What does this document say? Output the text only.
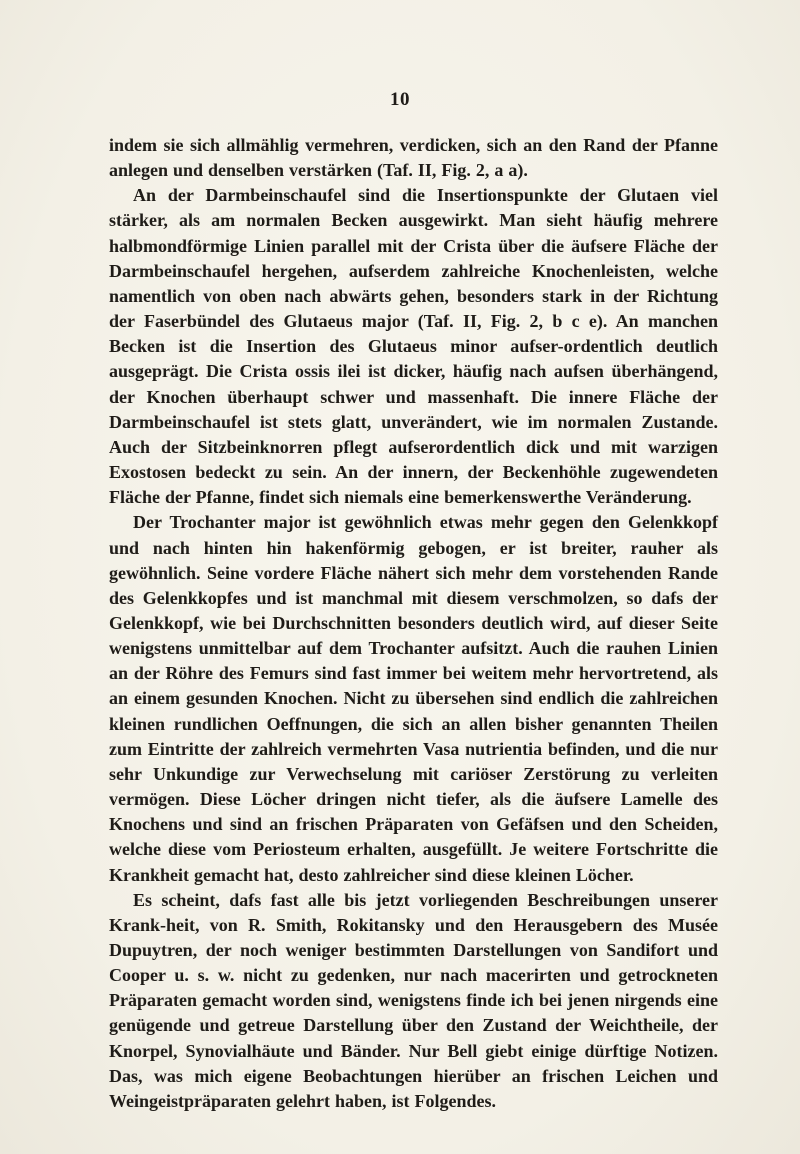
10

indem sie sich allmählig vermehren, verdicken, sich an den Rand der Pfanne anlegen und denselben verstärken (Taf. II, Fig. 2, a a).

An der Darmbeinschaufel sind die Insertionspunkte der Glutaen viel stärker, als am normalen Becken ausgewirkt. Man sieht häufig mehrere halbmondförmige Linien parallel mit der Crista über die äufsere Fläche der Darmbeinschaufel hergehen, aufserdem zahlreiche Knochenleisten, welche namentlich von oben nach abwärts gehen, besonders stark in der Richtung der Faserbündel des Glutaeus major (Taf. II, Fig. 2, b c e). An manchen Becken ist die Insertion des Glutaeus minor aufser-ordentlich deutlich ausgeprägt. Die Crista ossis ilei ist dicker, häufig nach aufsen überhängend, der Knochen überhaupt schwer und massenhaft. Die innere Fläche der Darmbeinschaufel ist stets glatt, unverändert, wie im normalen Zustande. Auch der Sitzbeinknorren pflegt aufserordentlich dick und mit warzigen Exostosen bedeckt zu sein. An der innern, der Beckenhöhle zugewendeten Fläche der Pfanne, findet sich niemals eine bemerkenswerthe Veränderung.

Der Trochanter major ist gewöhnlich etwas mehr gegen den Gelenkkopf und nach hinten hin hakenförmig gebogen, er ist breiter, rauher als gewöhnlich. Seine vordere Fläche nähert sich mehr dem vorstehenden Rande des Gelenkkopfes und ist manchmal mit diesem verschmolzen, so dafs der Gelenkkopf, wie bei Durchschnitten besonders deutlich wird, auf dieser Seite wenigstens unmittelbar auf dem Trochanter aufsitzt. Auch die rauhen Linien an der Röhre des Femurs sind fast immer bei weitem mehr hervortretend, als an einem gesunden Knochen. Nicht zu übersehen sind endlich die zahlreichen kleinen rundlichen Oeffnungen, die sich an allen bisher genannten Theilen zum Eintritte der zahlreich vermehrten Vasa nutrientia befinden, und die nur sehr Unkundige zur Verwechselung mit cariöser Zerstörung zu verleiten vermögen. Diese Löcher dringen nicht tiefer, als die äufsere Lamelle des Knochens und sind an frischen Präparaten von Gefäfsen und den Scheiden, welche diese vom Periosteum erhalten, ausgefüllt. Je weitere Fortschritte die Krankheit gemacht hat, desto zahlreicher sind diese kleinen Löcher.

Es scheint, dafs fast alle bis jetzt vorliegenden Beschreibungen unserer Krank-heit, von R. Smith, Rokitansky und den Herausgebern des Musée Dupuytren, der noch weniger bestimmten Darstellungen von Sandifort und Cooper u. s. w. nicht zu gedenken, nur nach macerirten und getrockneten Präparaten gemacht worden sind, wenigstens finde ich bei jenen nirgends eine genügende und getreue Darstellung über den Zustand der Weichtheile, der Knorpel, Synovialhäute und Bänder. Nur Bell giebt einige dürftige Notizen. Das, was mich eigene Beobachtungen hierüber an frischen Leichen und Weingeistpräparaten gelehrt haben, ist Folgendes.
